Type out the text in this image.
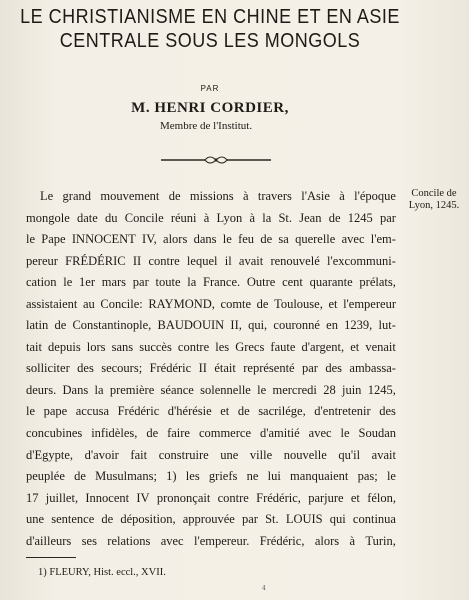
LE CHRISTIANISME EN CHINE ET EN ASIE
CENTRALE SOUS LES MONGOLS
PAR
M. HENRI CORDIER,
Membre de l'Institut.
Concile de
Lyon, 1245.
Le grand mouvement de missions à travers l'Asie à l'époque
mongole date du Concile réuni à Lyon à la St. Jean de 1245 par
le Pape INNOCENT IV, alors dans le feu de sa querelle avec l'em-
pereur FRÉDÉRIC II contre lequel il avait renouvelé l'excommuni-
cation le 1er mars par toute la France. Outre cent quarante prélats,
assistaient au Concile: RAYMOND, comte de Toulouse, et l'empereur
latin de Constantinople, BAUDOUIN II, qui, couronné en 1239, lut-
tait depuis lors sans succès contre les Grecs faute d'argent, et venait
solliciter des secours; Frédéric II était représenté par des ambassa-
deurs. Dans la première séance solennelle le mercredi 28 juin 1245,
le pape accusa Frédéric d'hérésie et de sacrilége, d'entretenir des
concubines infidèles, de faire commerce d'amitié avec le Soudan
d'Egypte, d'avoir fait construire une ville nouvelle qu'il avait
peuplée de Musulmans; 1) les griefs ne lui manquaient pas; le
17 juillet, Innocent IV prononçait contre Frédéric, parjure et félon,
une sentence de déposition, approuvée par St. LOUIS qui continua
d'ailleurs ses relations avec l'empereur. Frédéric, alors à Turin,
1) FLEURY, Hist. eccl., XVII.
4
